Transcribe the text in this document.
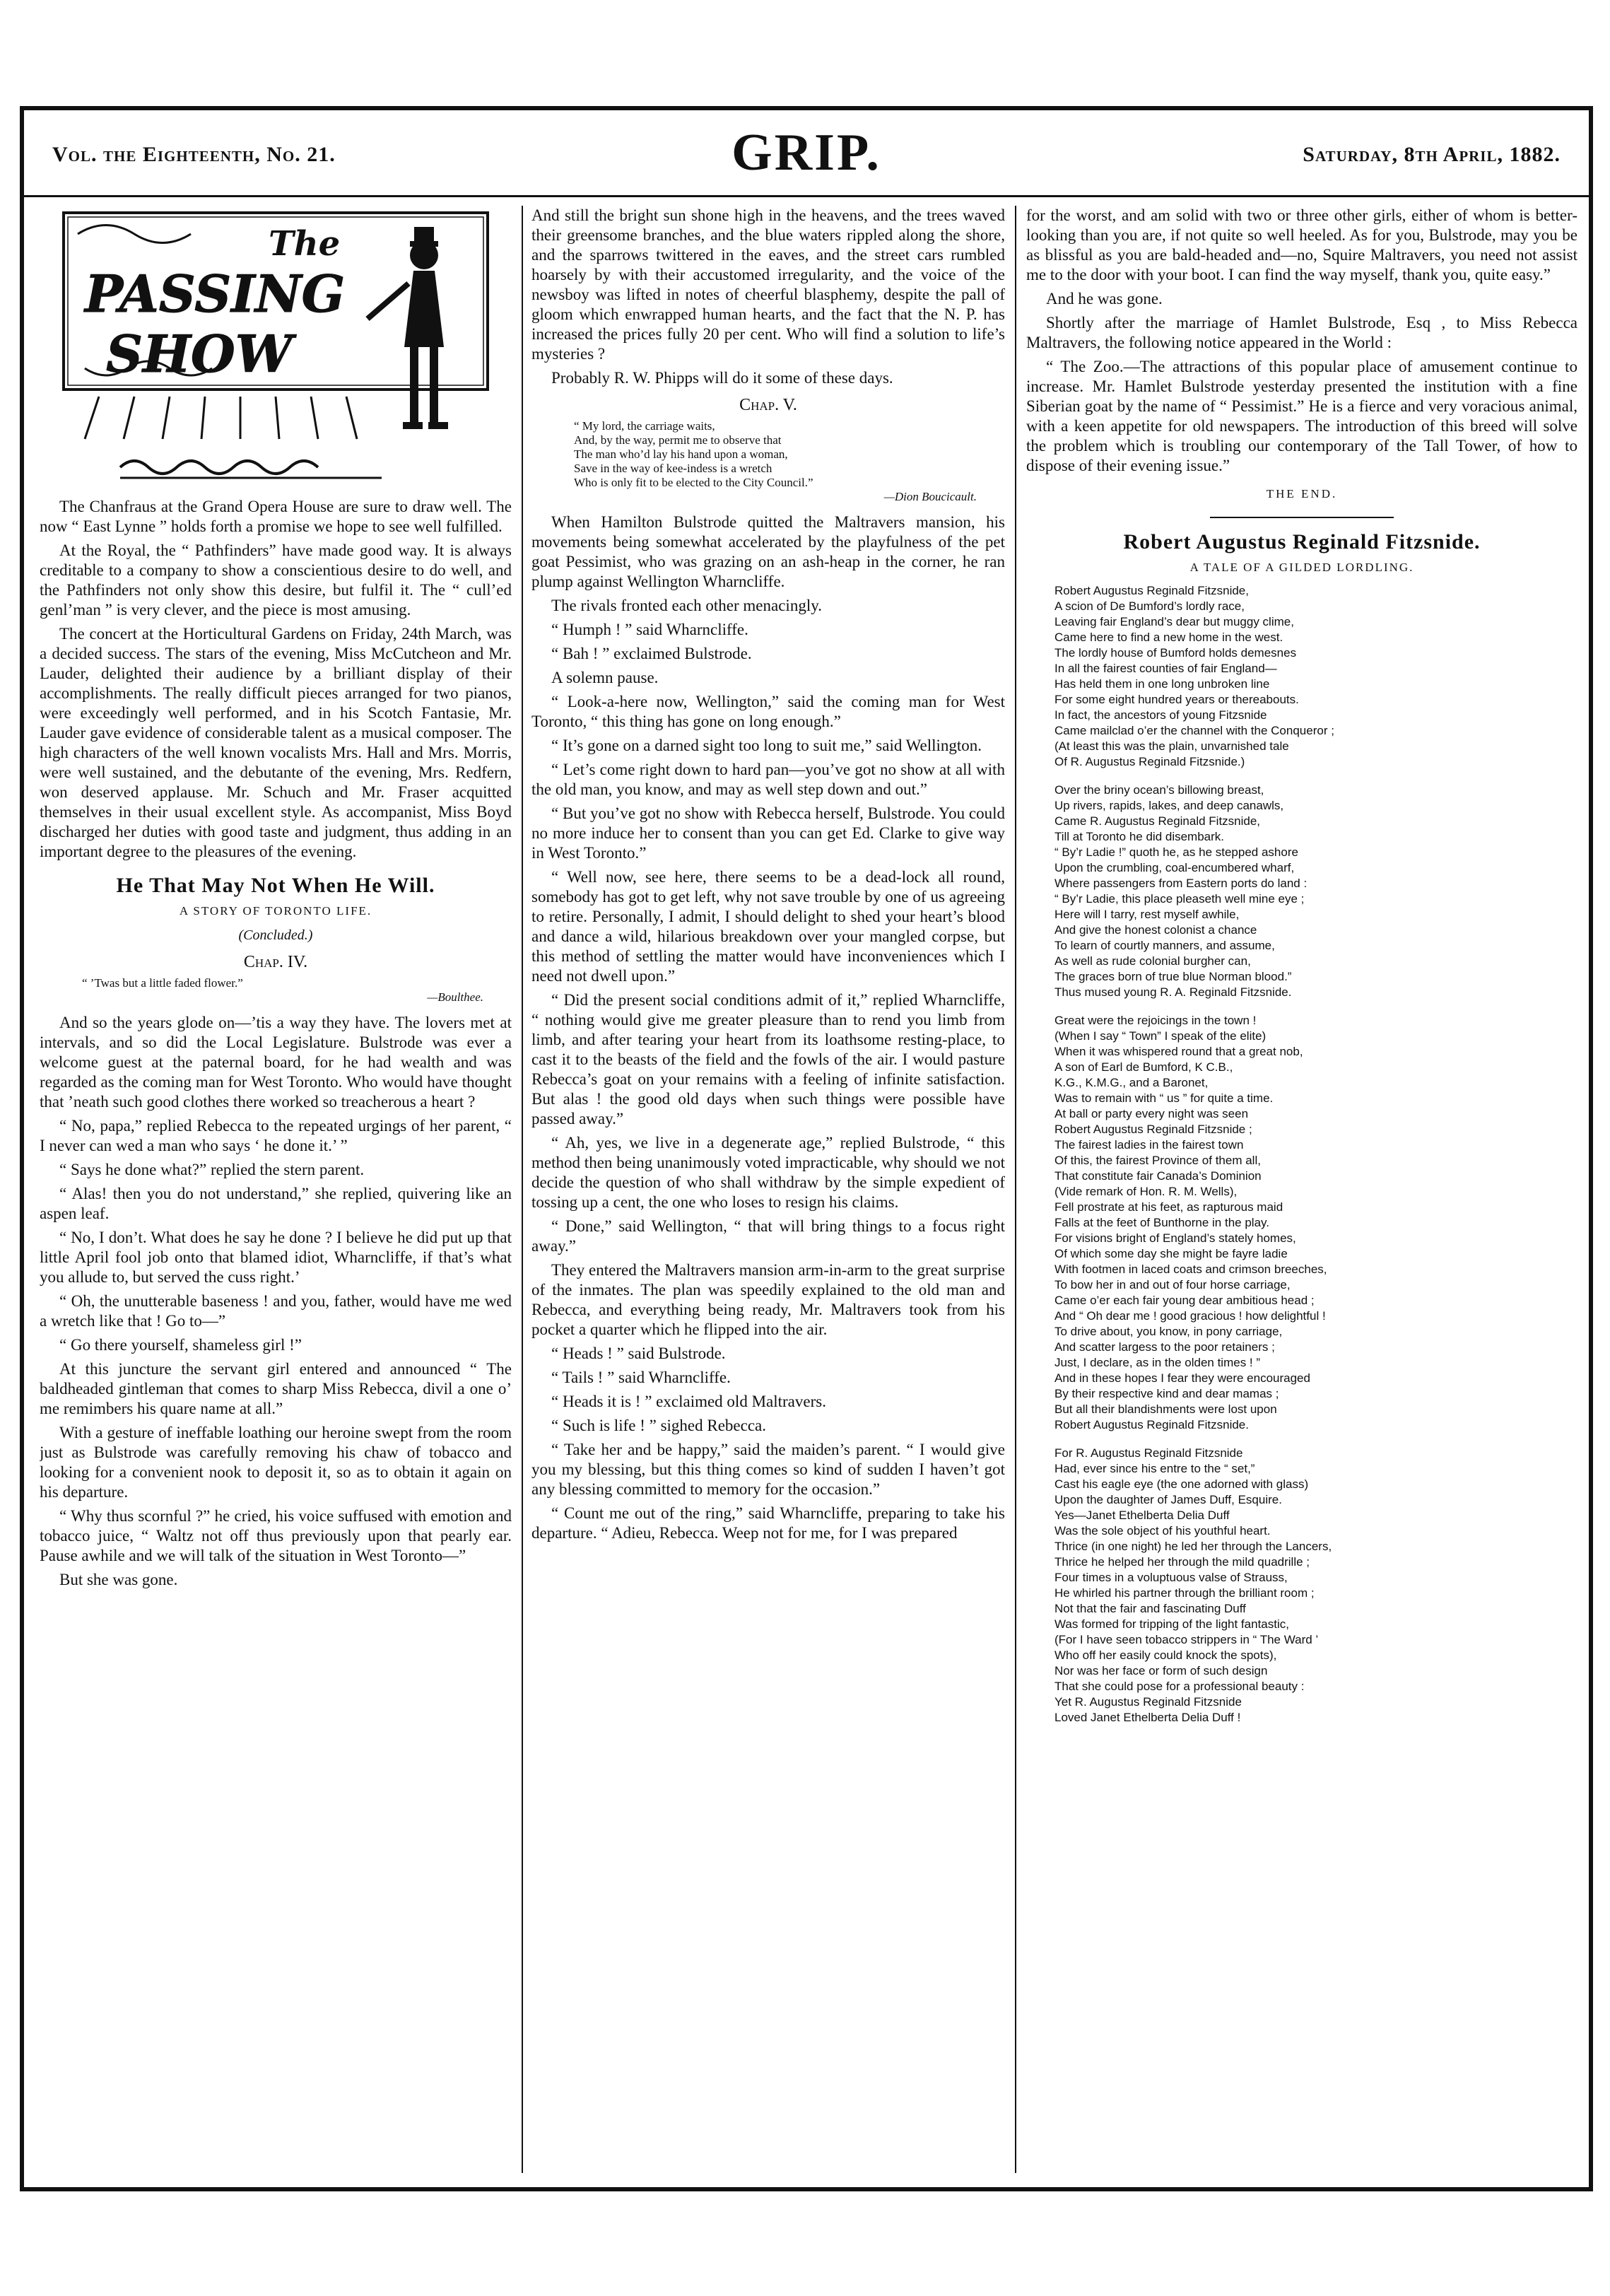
Vol. the Eighteenth, No. 21.	GRIP.	Saturday, 8th April, 1882.
The
PASSING
SHOW

The Chanfraus at the Grand Opera House are sure to draw well. The now “ East Lynne ” holds forth a promise we hope to see well fulfilled.

At the Royal, the “ Pathfinders” have made good way. It is always creditable to a company to show a conscientious desire to do well, and the Pathfinders not only show this desire, but fulfil it. The “ cull’ed genl’man ” is very clever, and the piece is most amusing.

The concert at the Horticultural Gardens on Friday, 24th March, was a decided success. The stars of the evening, Miss McCutcheon and Mr. Lauder, delighted their audience by a brilliant display of their accomplishments. The really difficult pieces arranged for two pianos, were exceedingly well performed, and in his Scotch Fantasie, Mr. Lauder gave evidence of considerable talent as a musical composer. The high characters of the well known vocalists Mrs. Hall and Mrs. Morris, were well sustained, and the debutante of the evening, Mrs. Redfern, won deserved applause. Mr. Schuch and Mr. Fraser acquitted themselves in their usual excellent style. As accompanist, Miss Boyd discharged her duties with good taste and judgment, thus adding in an important degree to the pleasures of the evening.

He That May Not When He Will.
A STORY OF TORONTO LIFE.
(Concluded.)
Chap. IV.
“ ’Twas but a little faded flower.”
—Boulthee.

And so the years glode on—’tis a way they have. The lovers met at intervals, and so did the Local Legislature. Bulstrode was ever a welcome guest at the paternal board, for he had wealth and was regarded as the coming man for West Toronto. Who would have thought that ’neath such good clothes there worked so treacherous a heart ?

“ No, papa,” replied Rebecca to the repeated urgings of her parent, “ I never can wed a man who says ‘ he done it.’ ”

“ Says he done what?” replied the stern parent.

“ Alas! then you do not understand,” she replied, quivering like an aspen leaf.

“ No, I don’t. What does he say he done ? I believe he did put up that little April fool job onto that blamed idiot, Wharncliffe, if that’s what you allude to, but served the cuss right.’

“ Oh, the unutterable baseness ! and you, father, would have me wed a wretch like that ! Go to—”

“ Go there yourself, shameless girl !”

At this juncture the servant girl entered and announced “ The baldheaded gintleman that comes to sharp Miss Rebecca, divil a one o’ me remimbers his quare name at all.”

With a gesture of ineffable loathing our heroine swept from the room just as Bulstrode was carefully removing his chaw of tobacco and looking for a convenient nook to deposit it, so as to obtain it again on his departure.

“ Why thus scornful ?” he cried, his voice suffused with emotion and tobacco juice, “ Waltz not off thus previously upon that pearly ear. Pause awhile and we will talk of the situation in West Toronto—”

But she was gone.

And still the bright sun shone high in the heavens, and the trees waved their greensome branches, and the blue waters rippled along the shore, and the sparrows twittered in the eaves, and the street cars rumbled hoarsely by with their accustomed irregularity, and the voice of the newsboy was lifted in notes of cheerful blasphemy, despite the pall of gloom which enwrapped human hearts, and the fact that the N. P. has increased the prices fully 20 per cent. Who will find a solution to life’s mysteries ?

Probably R. W. Phipps will do it some of these days.

Chap. V.
“ My lord, the carriage waits,
And, by the way, permit me to observe that
The man who’d lay his hand upon a woman,
Save in the way of kee-indess is a wretch
Who is only fit to be elected to the City Council.”
—Dion Boucicault.

When Hamilton Bulstrode quitted the Maltravers mansion, his movements being somewhat accelerated by the playfulness of the pet goat Pessimist, who was grazing on an ash-heap in the corner, he ran plump against Wellington Wharncliffe.

The rivals fronted each other menacingly.

“ Humph ! ” said Wharncliffe.

“ Bah ! ” exclaimed Bulstrode.

A solemn pause.

“ Look-a-here now, Wellington,” said the coming man for West Toronto, “ this thing has gone on long enough.”

“ It’s gone on a darned sight too long to suit me,” said Wellington.

“ Let’s come right down to hard pan—you’ve got no show at all with the old man, you know, and may as well step down and out.”

“ But you’ve got no show with Rebecca herself, Bulstrode. You could no more induce her to consent than you can get Ed. Clarke to give way in West Toronto.”

“ Well now, see here, there seems to be a dead-lock all round, somebody has got to get left, why not save trouble by one of us agreeing to retire. Personally, I admit, I should delight to shed your heart’s blood and dance a wild, hilarious breakdown over your mangled corpse, but this method of settling the matter would have inconveniences which I need not dwell upon.”

“ Did the present social conditions admit of it,” replied Wharncliffe, “ nothing would give me greater pleasure than to rend you limb from limb, and after tearing your heart from its loathsome resting-place, to cast it to the beasts of the field and the fowls of the air. I would pasture Rebecca’s goat on your remains with a feeling of infinite satisfaction. But alas ! the good old days when such things were possible have passed away.”

“ Ah, yes, we live in a degenerate age,” replied Bulstrode, “ this method then being unanimously voted impracticable, why should we not decide the question of who shall withdraw by the simple expedient of tossing up a cent, the one who loses to resign his claims.

“ Done,” said Wellington, “ that will bring things to a focus right away.”

They entered the Maltravers mansion arm-in-arm to the great surprise of the inmates. The plan was speedily explained to the old man and Rebecca, and everything being ready, Mr. Maltravers took from his pocket a quarter which he flipped into the air.

“ Heads ! ” said Bulstrode.

“ Tails ! ” said Wharncliffe.

“ Heads it is ! ” exclaimed old Maltravers.

“ Such is life ! ” sighed Rebecca.

“ Take her and be happy,” said the maiden’s parent. “ I would give you my blessing, but this thing comes so kind of sudden I haven’t got any blessing committed to memory for the occasion.”

“ Count me out of the ring,” said Wharncliffe, preparing to take his departure. “ Adieu, Rebecca. Weep not for me, for I was prepared

for the worst, and am solid with two or three other girls, either of whom is better-looking than you are, if not quite so well heeled. As for you, Bulstrode, may you be as blissful as you are bald-headed and—no, Squire Maltravers, you need not assist me to the door with your boot. I can find the way myself, thank you, quite easy.”

And he was gone.

Shortly after the marriage of Hamlet Bulstrode, Esq , to Miss Rebecca Maltravers, the following notice appeared in the World :

“ The Zoo.—The attractions of this popular place of amusement continue to increase. Mr. Hamlet Bulstrode yesterday presented the institution with a fine Siberian goat by the name of “ Pessimist.” He is a fierce and very voracious animal, with a keen appetite for old newspapers. The introduction of this breed will solve the problem which is troubling our contemporary of the Tall Tower, of how to dispose of their evening issue.”

THE END.
Robert Augustus Reginald Fitzsnide.
A TALE OF A GILDED LORDLING.
Robert Augustus Reginald Fitzsnide,
A scion of De Bumford’s lordly race,
Leaving fair England’s dear but muggy clime,
Came here to find a new home in the west.
The lordly house of Bumford holds demesnes
In all the fairest counties of fair England—
Has held them in one long unbroken line
For some eight hundred years or thereabouts.
In fact, the ancestors of young Fitzsnide
Came mailclad o’er the channel with the Conqueror ;
(At least this was the plain, unvarnished tale
Of R. Augustus Reginald Fitzsnide.)
Over the briny ocean’s billowing breast,
Up rivers, rapids, lakes, and deep canawls,
Came R. Augustus Reginald Fitzsnide,
Till at Toronto he did disembark.
“ By’r Ladie !” quoth he, as he stepped ashore
Upon the crumbling, coal-encumbered wharf,
Where passengers from Eastern ports do land :
“ By’r Ladie, this place pleaseth well mine eye ;
Here will I tarry, rest myself awhile,
And give the honest colonist a chance
To learn of courtly manners, and assume,
As well as rude colonial burgher can,
The graces born of true blue Norman blood.”
Thus mused young R. A. Reginald Fitzsnide.
Great were the rejoicings in the town !
(When I say “ Town” I speak of the elite)
When it was whispered round that a great nob,
A son of Earl de Bumford, K C.B.,
K.G., K.M.G., and a Baronet,
Was to remain with “ us ” for quite a time.
At ball or party every night was seen
Robert Augustus Reginald Fitzsnide ;
The fairest ladies in the fairest town
Of this, the fairest Province of them all,
That constitute fair Canada’s Dominion
(Vide remark of Hon. R. M. Wells),
Fell prostrate at his feet, as rapturous maid
Falls at the feet of Bunthorne in the play.
For visions bright of England’s stately homes,
Of which some day she might be fayre ladie
With footmen in laced coats and crimson breeches,
To bow her in and out of four horse carriage,
Came o’er each fair young dear ambitious head ;
And “ Oh dear me ! good gracious ! how delightful !
To drive about, you know, in pony carriage,
And scatter largess to the poor retainers ;
Just, I declare, as in the olden times ! ”
And in these hopes I fear they were encouraged
By their respective kind and dear mamas ;
But all their blandishments were lost upon
Robert Augustus Reginald Fitzsnide.
For R. Augustus Reginald Fitzsnide
Had, ever since his entre to the “ set,”
Cast his eagle eye (the one adorned with glass)
Upon the daughter of James Duff, Esquire.
Yes—Janet Ethelberta Delia Duff
Was the sole object of his youthful heart.
Thrice (in one night) he led her through the Lancers,
Thrice he helped her through the mild quadrille ;
Four times in a voluptuous valse of Strauss,
He whirled his partner through the brilliant room ;
Not that the fair and fascinating Duff
Was formed for tripping of the light fantastic,
(For I have seen tobacco strippers in “ The Ward ’
Who off her easily could knock the spots),
Nor was her face or form of such design
That she could pose for a professional beauty :
Yet R. Augustus Reginald Fitzsnide
Loved Janet Ethelberta Delia Duff !
